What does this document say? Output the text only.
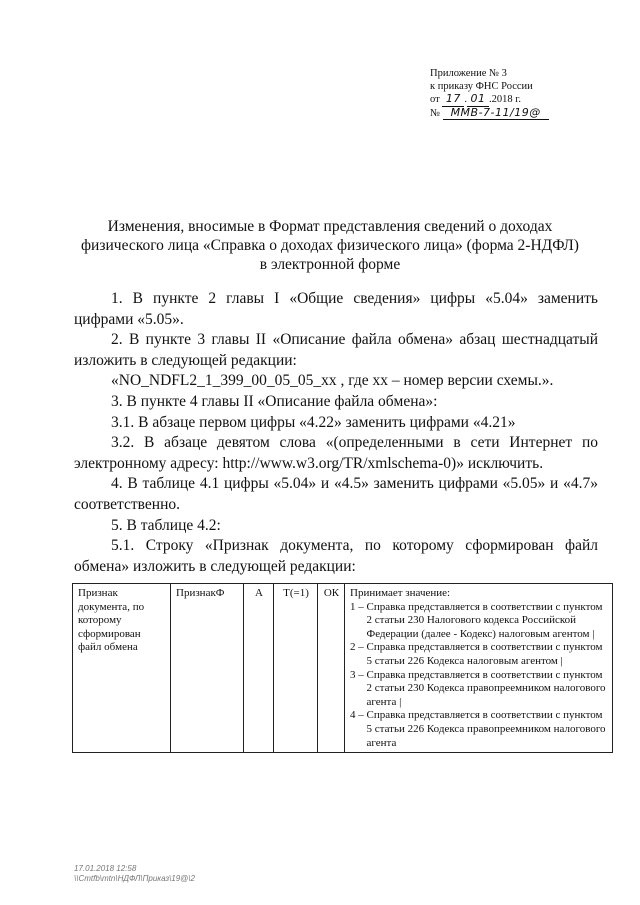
Приложение № 3
к приказу ФНС России
от 17 . 01 .2018 г.
№ ММВ-7-11/19@
Изменения, вносимые в Формат представления сведений о доходах
физического лица «Справка о доходах физического лица» (форма 2-НДФЛ)
в электронной форме

1. В пункте 2 главы I «Общие сведения» цифры «5.04» заменить цифрами «5.05».

2. В пункте 3 главы II «Описание файла обмена» абзац шестнадцатый изложить в следующей редакции:

«NO_NDFL2_1_399_00_05_05_xx , где xx – номер версии схемы.».

3. В пункте 4 главы II «Описание файла обмена»:

3.1. В абзаце первом цифры «4.22» заменить цифрами «4.21»

3.2. В абзаце девятом слова «(определенными в сети Интернет по электронному адресу: http://www.w3.org/TR/xmlschema-0)» исключить.

4. В таблице 4.1 цифры «5.04» и «4.5» заменить цифрами «5.05» и «4.7» соответственно.

5. В таблице 4.2:

5.1. Строку «Признак документа, по которому сформирован файл обмена» изложить в следующей редакции:

Признак документа, по которому сформирован файл обмена	ПризнакФ	А	Т(=1)	ОК	Принимает значение:
1 –
Справка представляется в соответствии с пунктом 2 статьи 230 Налогового кодекса Российской Федерации (далее - Кодекс) налоговым агентом |
2 –
Справка представляется в соответствии с пунктом 5 статьи 226 Кодекса налоговым агентом |
3 –
Справка представляется в соответствии с пунктом 2 статьи 230 Кодекса правопреемником налогового агента |
4 –
Справка представляется в соответствии с пунктом 5 статьи 226 Кодекса правопреемником налогового агента
17.01.2018 12:58
\\Cmtfb\mtn\НДФЛ\Приказ\19@\2
